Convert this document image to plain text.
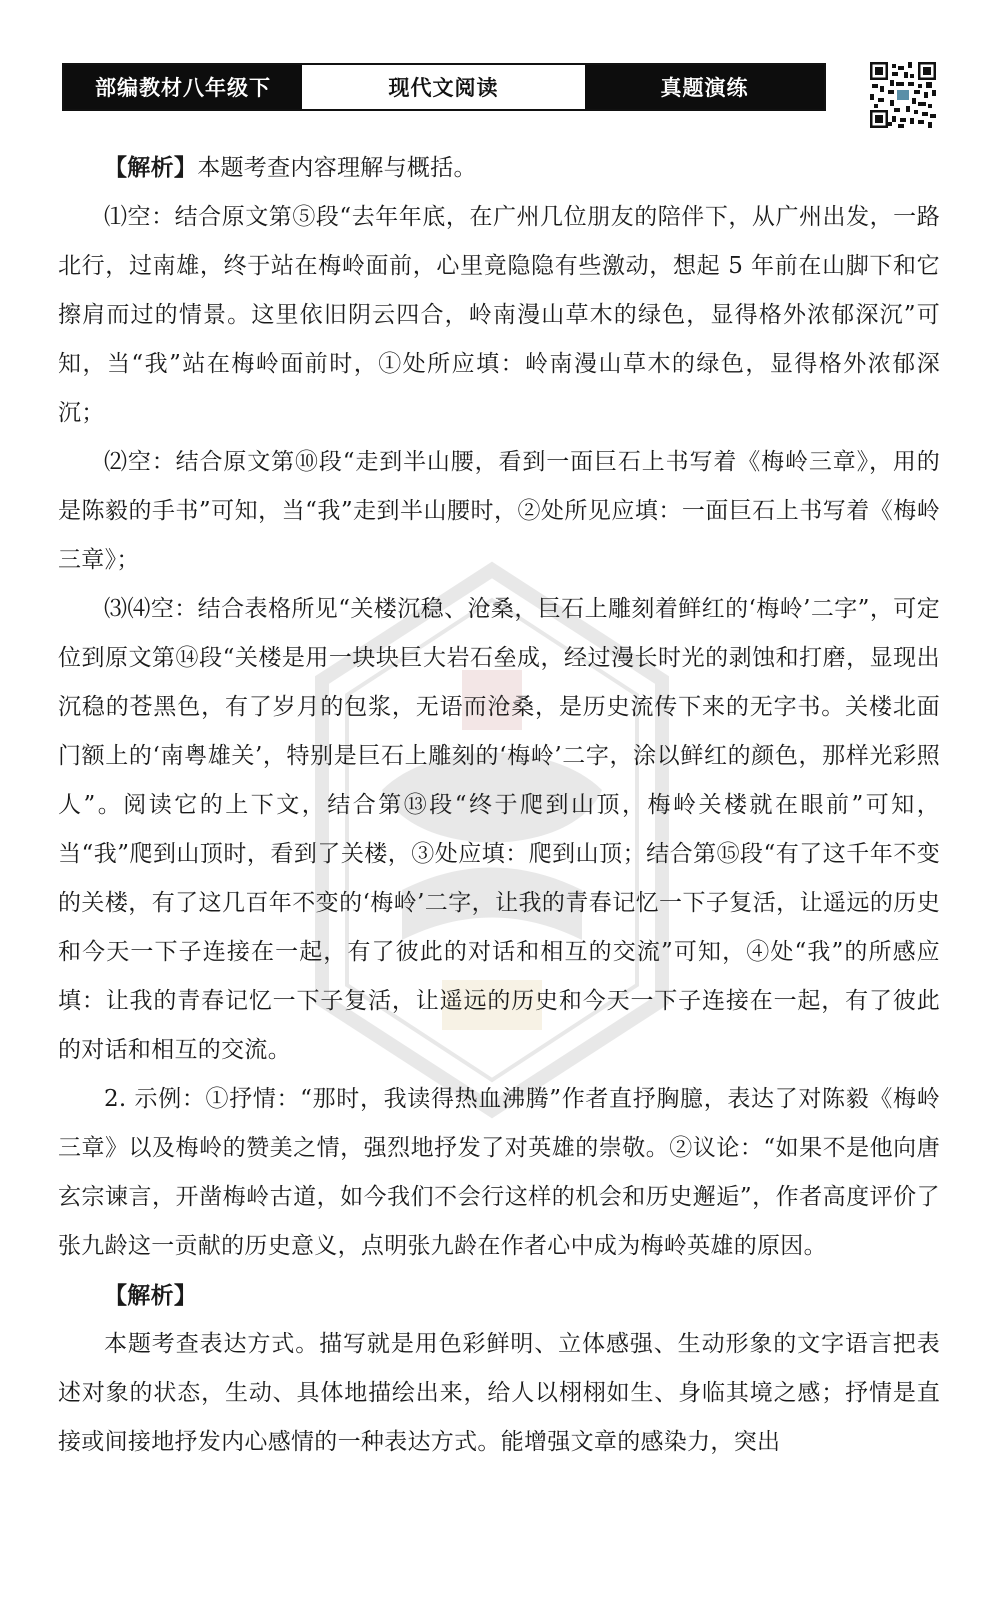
部编教材八年级下	现代文阅读	真题演练

【解析】本题考查内容理解与概括。

⑴空：结合原文第⑤段“去年年底，在广州几位朋友的陪伴下，从广州出发，一路北行，过南雄，终于站在梅岭面前，心里竟隐隐有些激动，想起 5 年前在山脚下和它擦肩而过的情景。这里依旧阴云四合，岭南漫山草木的绿色，显得格外浓郁深沉”可知，当“我”站在梅岭面前时，①处所应填：岭南漫山草木的绿色，显得格外浓郁深沉；

⑵空：结合原文第⑩段“走到半山腰，看到一面巨石上书写着《梅岭三章》，用的是陈毅的手书”可知，当“我”走到半山腰时，②处所见应填：一面巨石上书写着《梅岭三章》；

⑶⑷空：结合表格所见“关楼沉稳、沧桑，巨石上雕刻着鲜红的‘梅岭’二字”，可定位到原文第⑭段“关楼是用一块块巨大岩石垒成，经过漫长时光的剥蚀和打磨，显现出沉稳的苍黑色，有了岁月的包浆，无语而沧桑，是历史流传下来的无字书。关楼北面门额上的‘南粤雄关’，特别是巨石上雕刻的‘梅岭’二字，涂以鲜红的颜色，那样光彩照人”。阅读它的上下文，结合第⑬段“终于爬到山顶，梅岭关楼就在眼前”可知，当“我”爬到山顶时，看到了关楼，③处应填：爬到山顶；结合第⑮段“有了这千年不变的关楼，有了这几百年不变的‘梅岭’二字，让我的青春记忆一下子复活，让遥远的历史和今天一下子连接在一起，有了彼此的对话和相互的交流”可知，④处“我”的所感应填：让我的青春记忆一下子复活，让遥远的历史和今天一下子连接在一起，有了彼此的对话和相互的交流。

2. 示例：①抒情：“那时，我读得热血沸腾”作者直抒胸臆，表达了对陈毅《梅岭三章》以及梅岭的赞美之情，强烈地抒发了对英雄的崇敬。②议论：“如果不是他向唐玄宗谏言，开凿梅岭古道，如今我们不会行这样的机会和历史邂逅”，作者高度评价了张九龄这一贡献的历史意义，点明张九龄在作者心中成为梅岭英雄的原因。

【解析】

本题考查表达方式。描写就是用色彩鲜明、立体感强、生动形象的文字语言把表述对象的状态，生动、具体地描绘出来，给人以栩栩如生、身临其境之感；抒情是直接或间接地抒发内心感情的一种表达方式。能增强文章的感染力，突出
